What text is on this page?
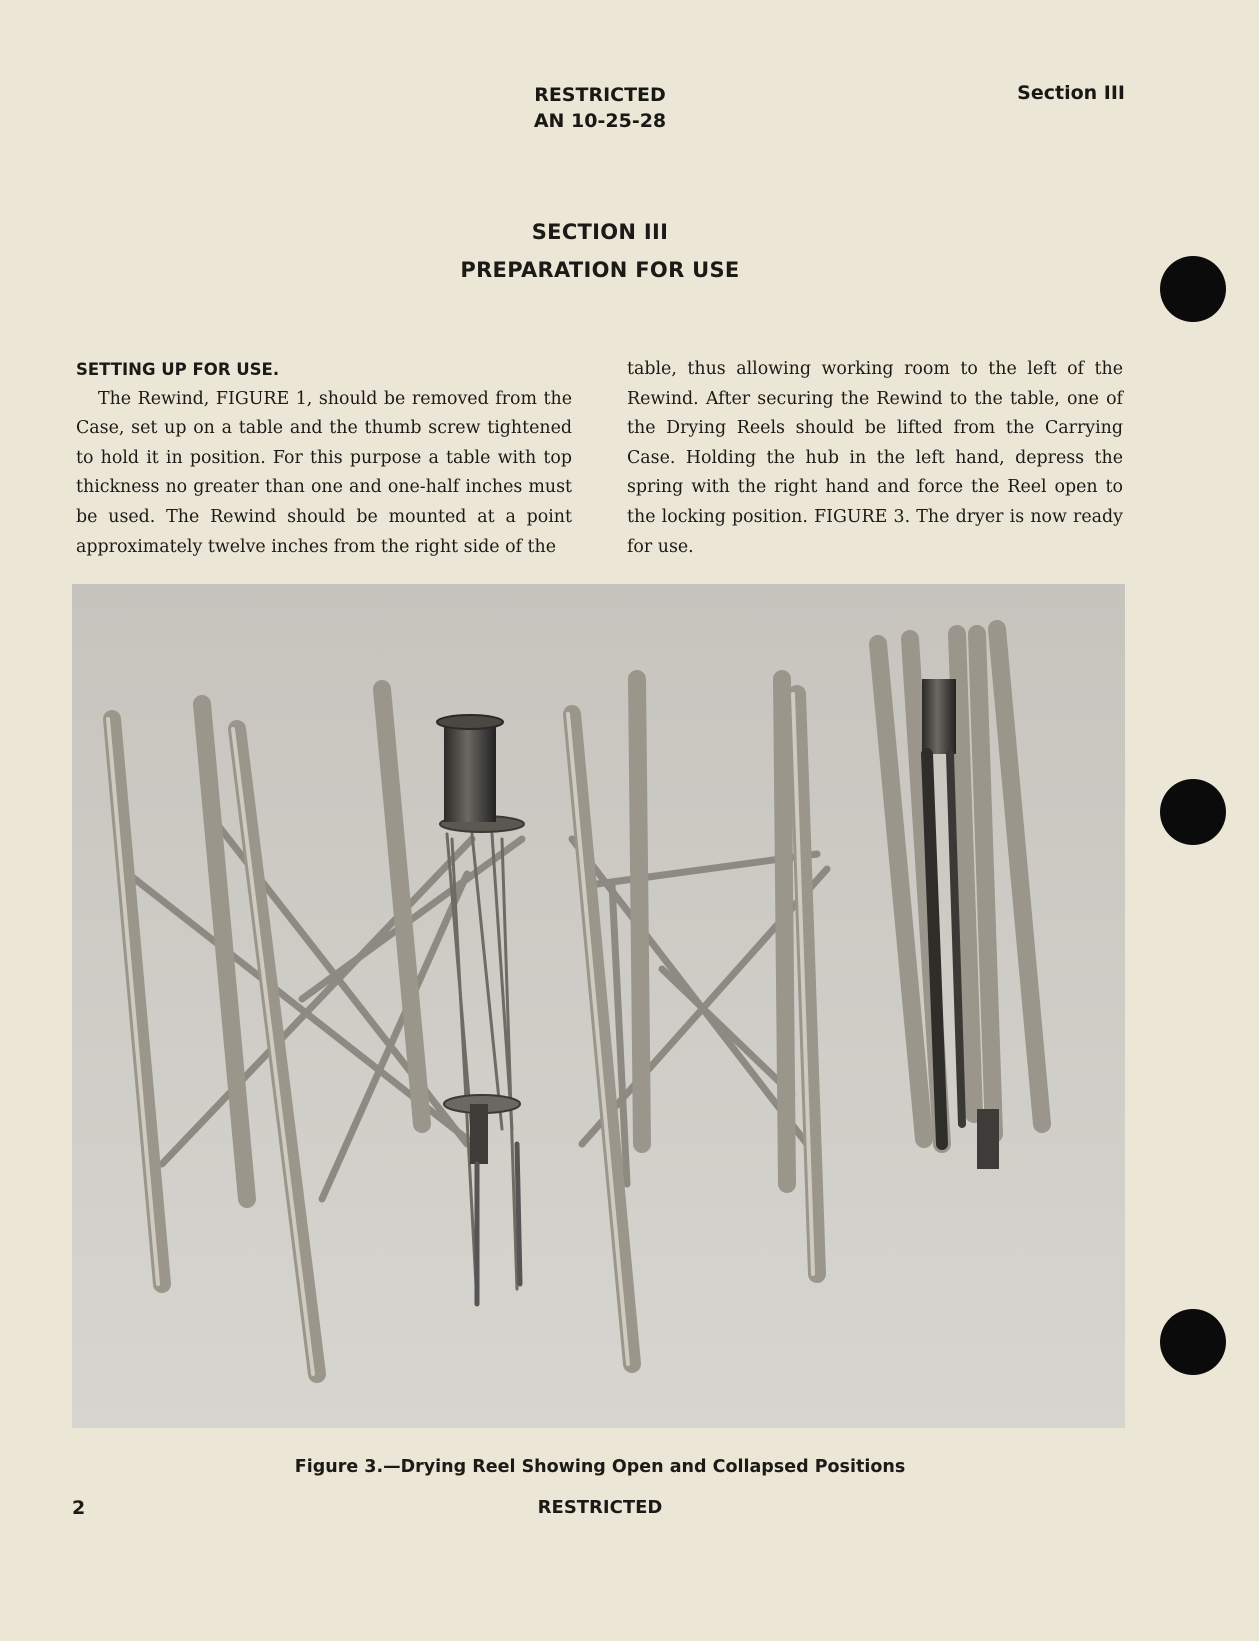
RESTRICTED
AN 10-25-28
Section III
SECTION III
PREPARATION FOR USE
SETTING UP FOR USE.

The Rewind, FIGURE 1, should be removed from the Case, set up on a table and the thumb screw tightened to hold it in position. For this purpose a table with top thickness no greater than one and one-half inches must be used. The Rewind should be mounted at a point approximately twelve inches from the right side of the

table, thus allowing working room to the left of the Rewind. After securing the Rewind to the table, one of the Drying Reels should be lifted from the Carrying Case. Holding the hub in the left hand, depress the spring with the right hand and force the Reel open to the locking position. FIGURE 3. The dryer is now ready for use.

Figure 3.—Drying Reel Showing Open and Collapsed Positions
2	RESTRICTED
